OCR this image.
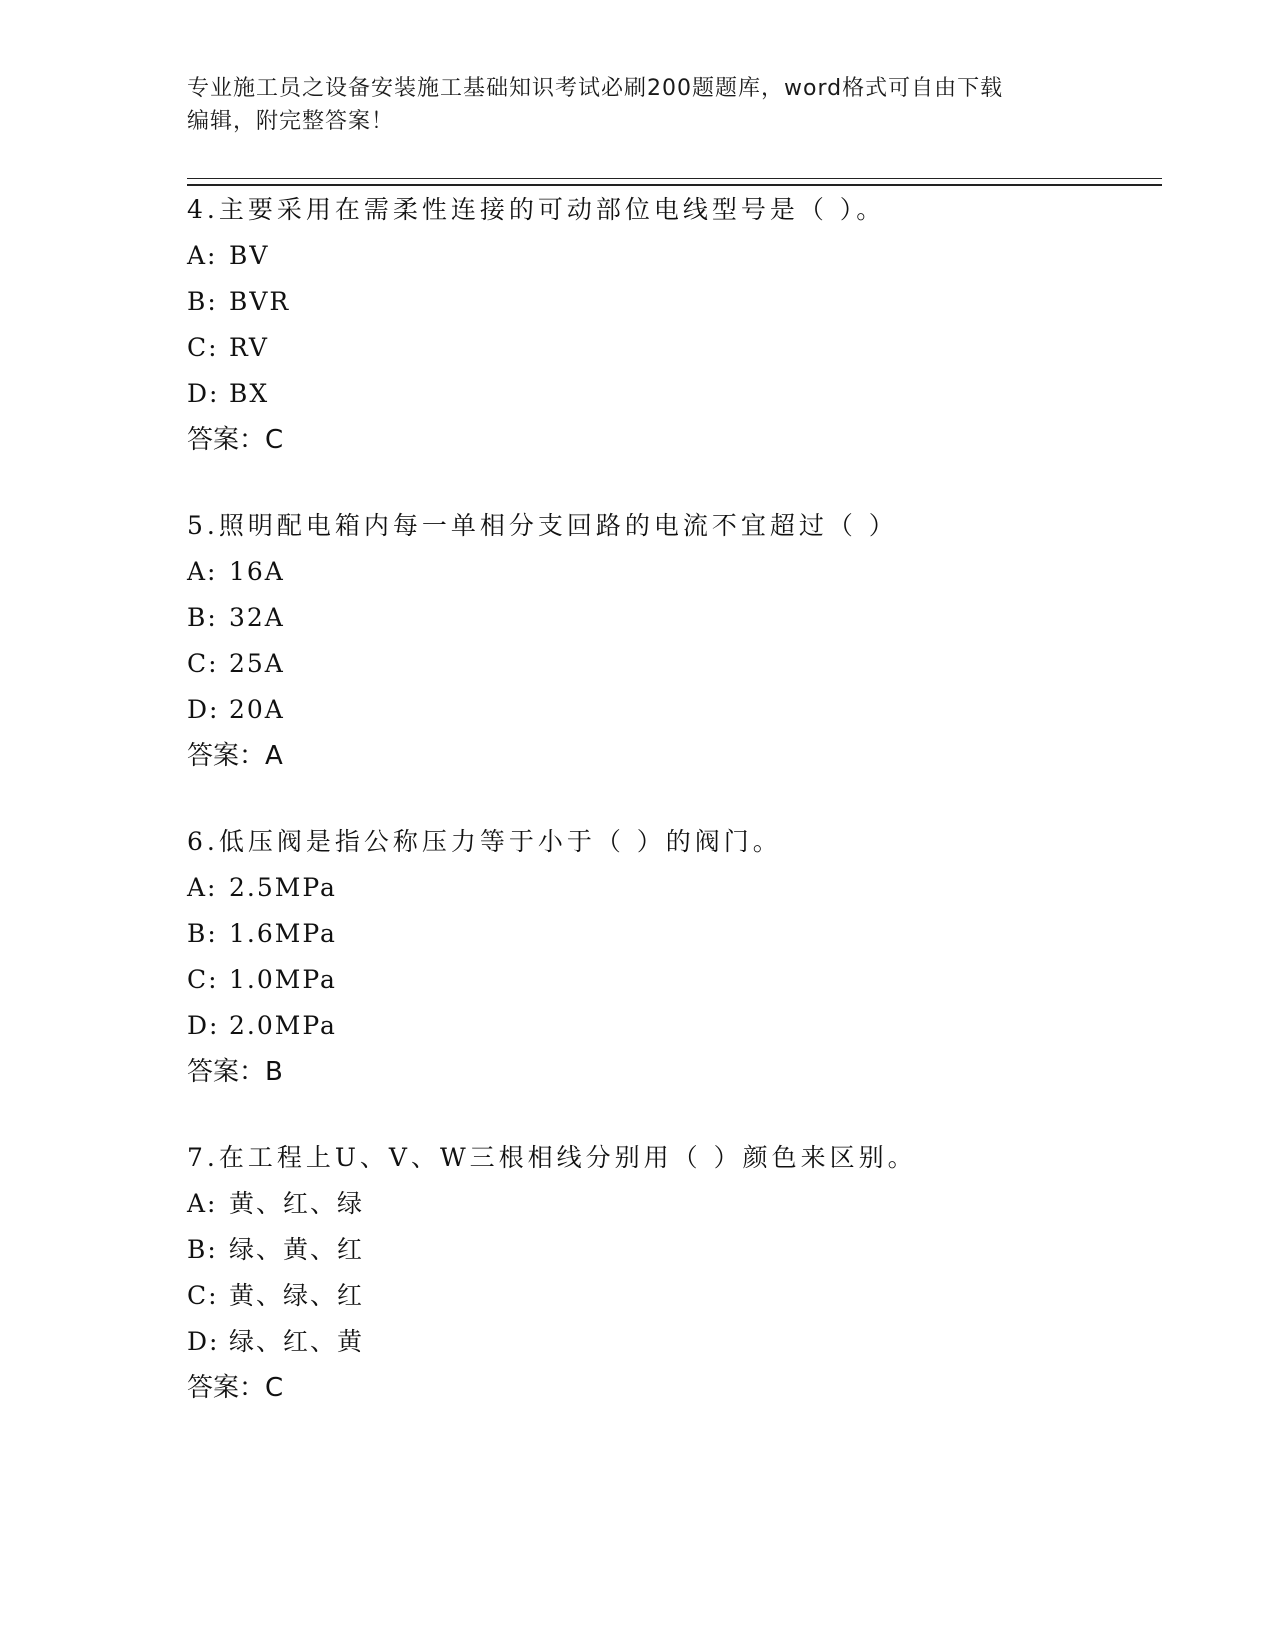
专业施工员之设备安装施工基础知识考试必刷200题题库，word格式可自由下载
编辑，附完整答案！
4.主要采用在需柔性连接的可动部位电线型号是（ ）。
A: BV
B: BVR
C: RV
D: BX
答案：C
5.照明配电箱内每一单相分支回路的电流不宜超过（ ）
A: 16A
B: 32A
C: 25A
D: 20A
答案：A
6.低压阀是指公称压力等于小于（ ）的阀门。
A: 2.5MPa
B: 1.6MPa
C: 1.0MPa
D: 2.0MPa
答案：B
7.在工程上U、V、W三根相线分别用（ ）颜色来区别。
A: 黄、红、绿
B: 绿、黄、红
C: 黄、绿、红
D: 绿、红、黄
答案：C
